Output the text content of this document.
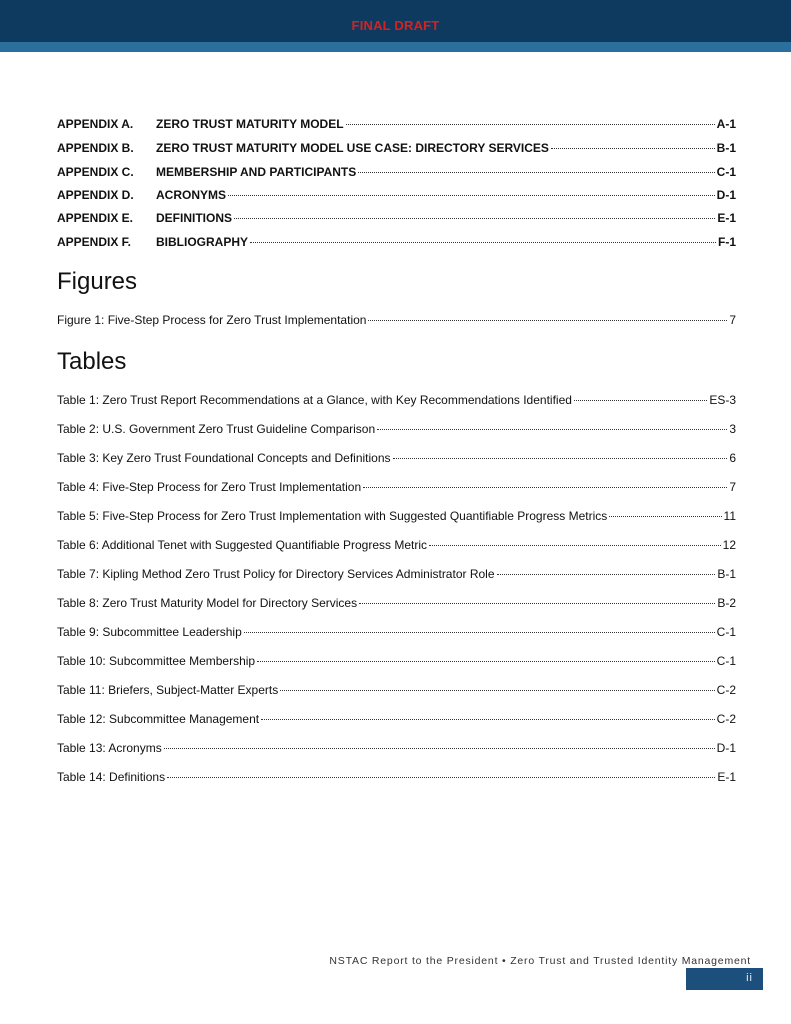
FINAL DRAFT
APPENDIX A. ZERO TRUST MATURITY MODEL	A-1
APPENDIX B. ZERO TRUST MATURITY MODEL USE CASE: DIRECTORY SERVICES	B-1
APPENDIX C. MEMBERSHIP AND PARTICIPANTS	C-1
APPENDIX D. ACRONYMS	D-1
APPENDIX E. DEFINITIONS	E-1
APPENDIX F. BIBLIOGRAPHY	F-1
Figures
Figure 1: Five-Step Process for Zero Trust Implementation	7
Tables
Table 1: Zero Trust Report Recommendations at a Glance, with Key Recommendations Identified	ES-3
Table 2: U.S. Government Zero Trust Guideline Comparison	3
Table 3: Key Zero Trust Foundational Concepts and Definitions	6
Table 4: Five-Step Process for Zero Trust Implementation	7
Table 5: Five-Step Process for Zero Trust Implementation with Suggested Quantifiable Progress Metrics	11
Table 6: Additional Tenet with Suggested Quantifiable Progress Metric	12
Table 7: Kipling Method Zero Trust Policy for Directory Services Administrator Role	B-1
Table 8: Zero Trust Maturity Model for Directory Services	B-2
Table 9: Subcommittee Leadership	C-1
Table 10: Subcommittee Membership	C-1
Table 11: Briefers, Subject-Matter Experts	C-2
Table 12: Subcommittee Management	C-2
Table 13: Acronyms	D-1
Table 14: Definitions	E-1
NSTAC Report to the President • Zero Trust and Trusted Identity Management
ii
